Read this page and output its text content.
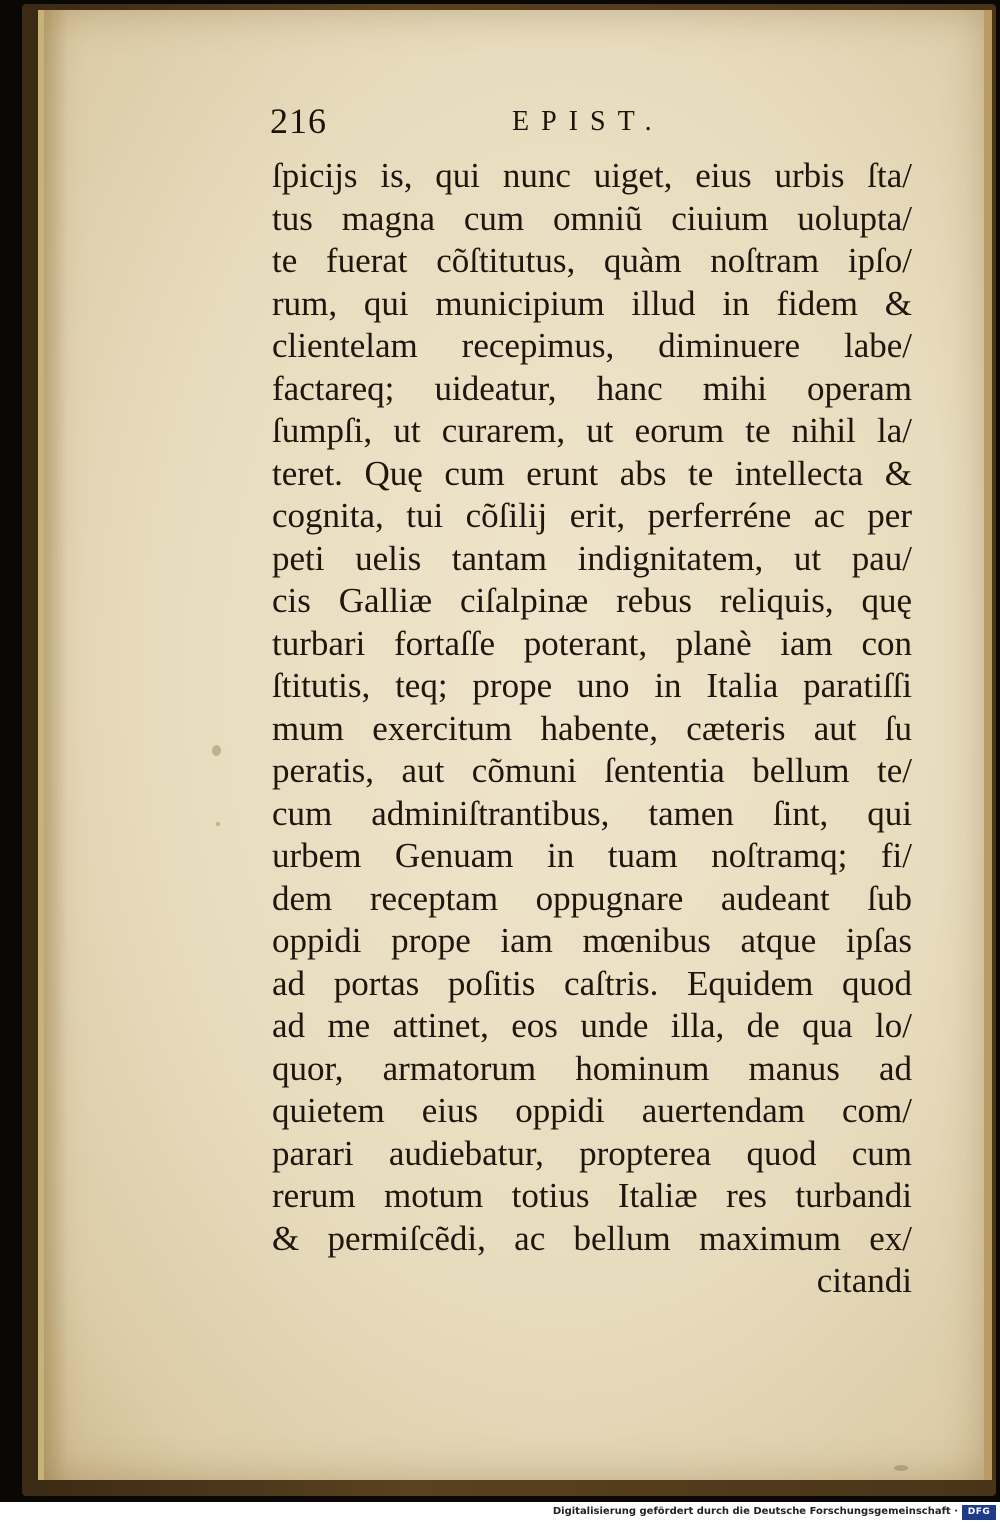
216	EPIST.
ſpicijs is, qui nunc uiget, eius urbis ſta/
tus magna cum omniũ ciuium uolupta/
te fuerat cõſtitutus, quàm noſtram ipſo/
rum, qui municipium illud in fidem &
clientelam recepimus, diminuere labe/
factareq; uideatur, hanc mihi operam
ſumpſi, ut curarem, ut eorum te nihil la/
teret. Quę cum erunt abs te intellecta &
cognita, tui cõſilij erit, perferréne ac per
peti uelis tantam indignitatem, ut pau/
cis Galliæ ciſalpinæ rebus reliquis, quę
turbari fortaſſe poterant, planè iam con
ſtitutis, teq; prope uno in Italia paratiſſi
mum exercitum habente, cæteris aut ſu
peratis, aut cõmuni ſententia bellum te/
cum adminiſtrantibus, tamen ſint, qui
urbem Genuam in tuam noſtramq; fi/
dem receptam oppugnare audeant ſub
oppidi prope iam mœnibus atque ipſas
ad portas poſitis caſtris. Equidem quod
ad me attinet, eos unde illa, de qua lo/
quor, armatorum hominum manus ad
quietem eius oppidi auertendam com/
parari audiebatur, propterea quod cum
rerum motum totius Italiæ res turbandi
& permiſcẽdi, ac bellum maximum ex/
citandi
Digitalisierung gefördert durch die Deutsche Forschungsgemeinschaft ·	DFG
